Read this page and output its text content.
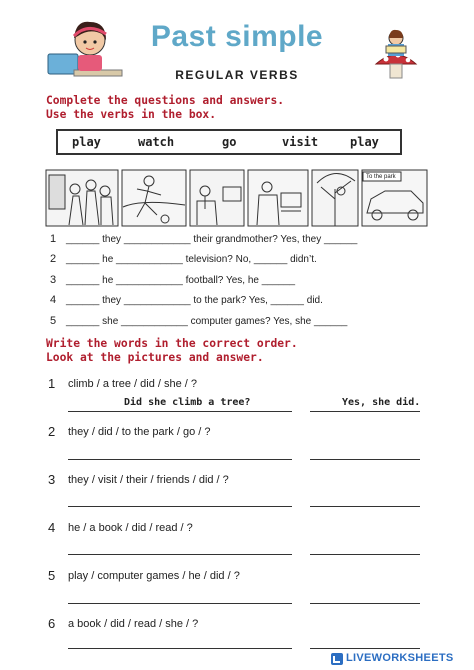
Past simple
REGULAR VERBS
Complete the questions and answers.
Use the verbs in the box.
play	watch	go	visit	play
To the park
1 ______ they ____________ their grandmother? Yes, they ______
2 ______ he ____________ television? No, ______ didn’t.
3 ______ he ____________ football? Yes, he ______
4 ______ they ____________ to the park? Yes, ______ did.
5 ______ she ____________ computer games? Yes, she ______
Write the words in the correct order.
Look at the pictures and answer.
1 climb / a tree / did / she / ?
Did she climb a tree?	Yes, she did.
2 they / did / to the park / go / ?
3 they / visit / their / friends / did / ?
4 he / a book / did / read / ?
5 play / computer games / he / did / ?
6 a book / did / read / she / ?
LIVEWORKSHEETS
